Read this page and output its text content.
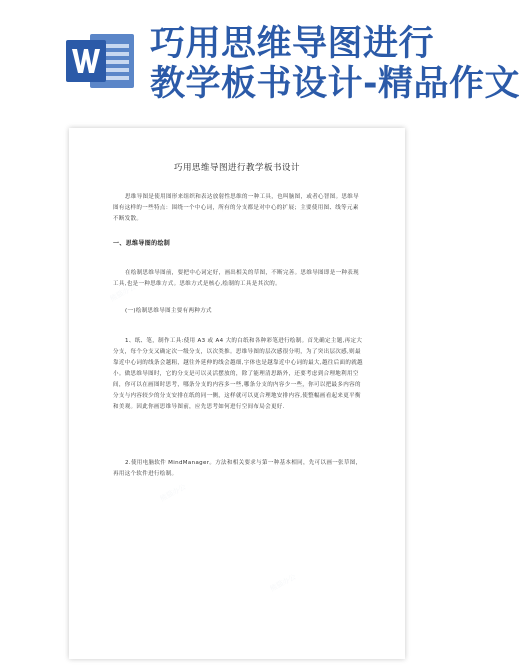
巧用思维导图进行
教学板书设计-精品作文
熊猫办公
熊猫办公
熊猫办公
熊猫办公
熊猫办公
巧用思维导图进行教学板书设计
思维导图是使用图形来组织和表达放射性思维的一种工具，也叫脑图，或者心智图。思维导图有这样的一些特点：围绕一个中心词，所有的分支都是对中心的扩展；主要使用图、线等元素不断发散。
一、思维导图的绘制
在绘制思维导图前，要把中心词定好，画出相关的草图，不断完善。思维导图即是一种表现工具,也是一种思维方式。思维方式是核心,绘制的工具是其次的。
(一)绘制思维导图主要有两种方式
1、纸、笔，制作工具:使用 A3 或 A4 大的白纸和各种彩笔进行绘制。首先确定主题,再定大分支，每个分支又确定次一级分支，以次类推。思维导图的层次感很分明，为了突出层次感,则最靠近中心词的线条会越粗，越往外延伸的线会越细,字体也是越靠近中心词的最大,越往后面的就越小。做思维导图时，它的分支是可以灵活摆放的，除了能理清思路外，还要考虑到合理地利用空间，你可以在画图时思考，哪条分支的内容多一些,哪条分支的内容少一些，你可以把最多内容的分支与内容较少的分支安排在纸的同一侧，这样就可以更合理地安排内容,使整幅画看起来更平衡和美观。因此你画思维导图前，应先思考如何进行空间布局会更好.
2.使用电脑软件 MindManager。方法和相关要求与第一种基本相同，先可以画一张草图，再用这个软件进行绘制。
